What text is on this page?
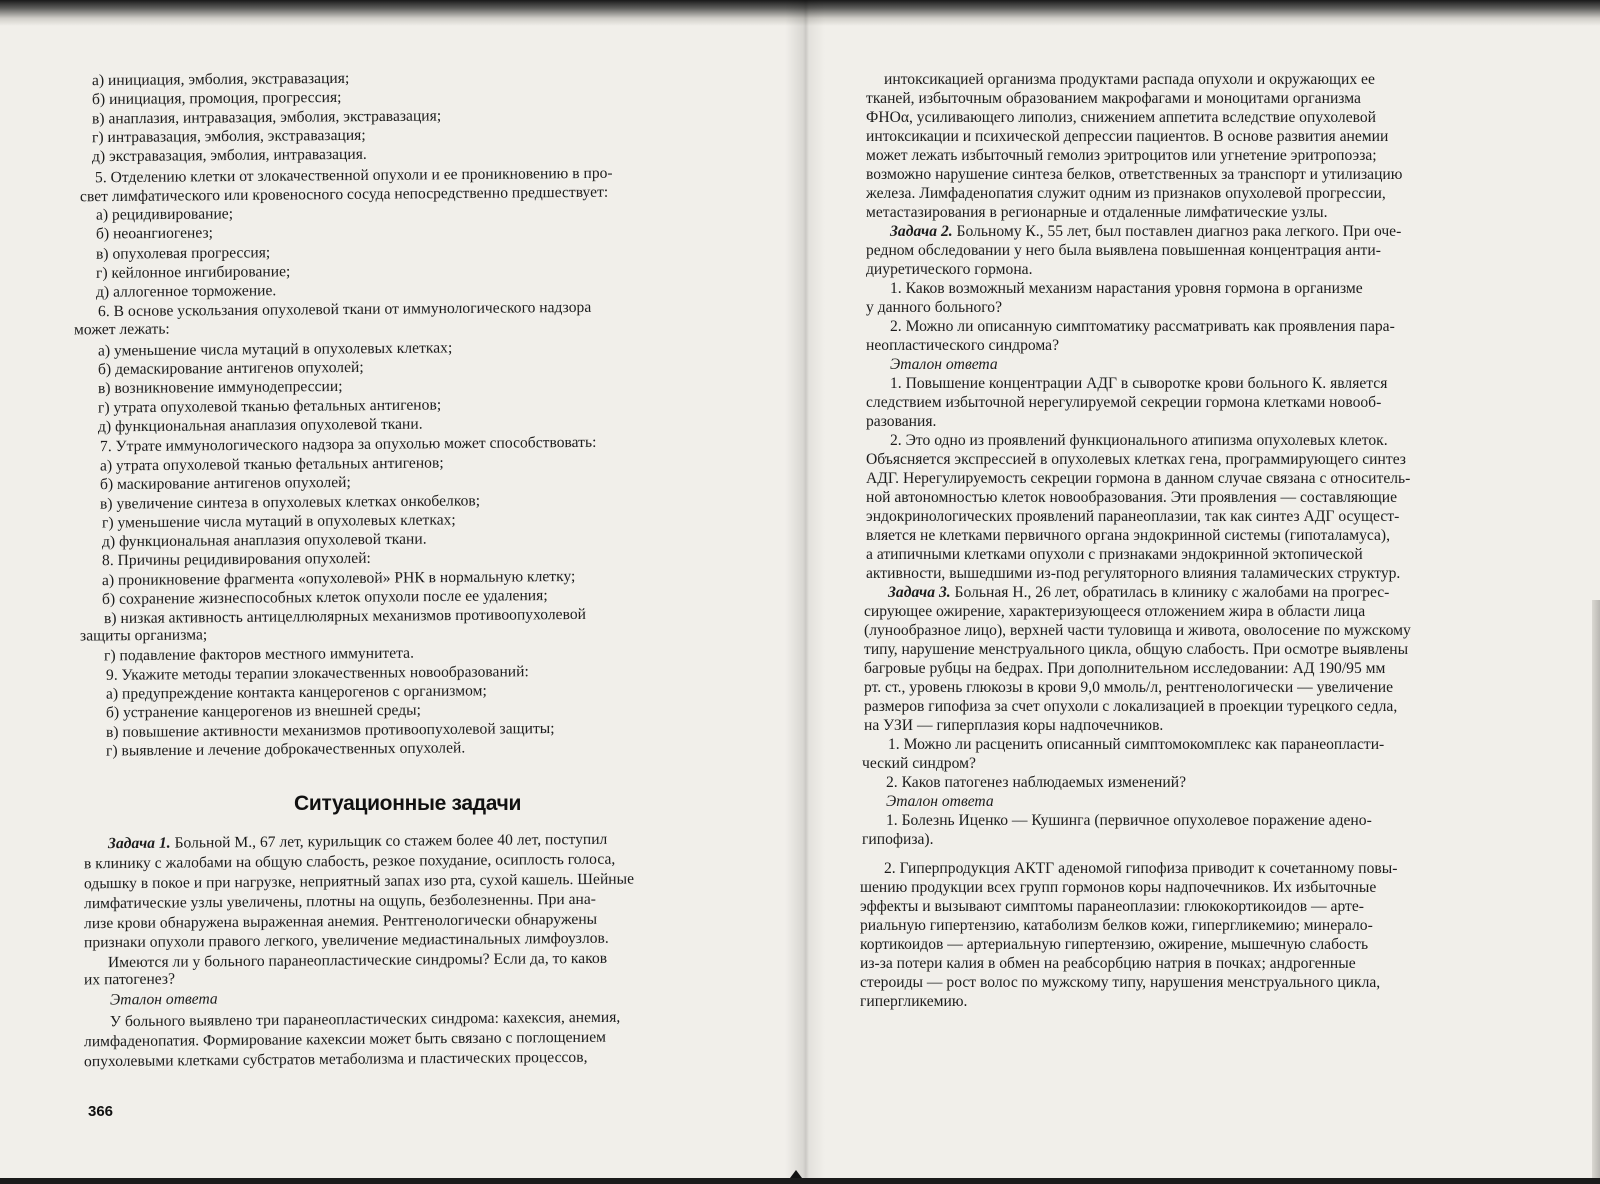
а) инициация, эмболия, экстравазация;
б) инициация, промоция, прогрессия;
в) анаплазия, интравазация, эмболия, экстравазация;
г) интравазация, эмболия, экстравазация;
д) экстравазация, эмболия, интравазация.
5. Отделению клетки от злокачественной опухоли и ее проникновению в про-
свет лимфатического или кровеносного сосуда непосредственно предшествует:
а) рецидивирование;
б) неоангиогенез;
в) опухолевая прогрессия;
г) кейлонное ингибирование;
д) аллогенное торможение.
6. В основе ускользания опухолевой ткани от иммунологического надзора
может лежать:
а) уменьшение числа мутаций в опухолевых клетках;
б) демаскирование антигенов опухолей;
в) возникновение иммунодепрессии;
г) утрата опухолевой тканью фетальных антигенов;
д) функциональная анаплазия опухолевой ткани.
7. Утрате иммунологического надзора за опухолью может способствовать:
а) утрата опухолевой тканью фетальных антигенов;
б) маскирование антигенов опухолей;
в) увеличение синтеза в опухолевых клетках онкобелков;
г) уменьшение числа мутаций в опухолевых клетках;
д) функциональная анаплазия опухолевой ткани.
8. Причины рецидивирования опухолей:
а) проникновение фрагмента «опухолевой» РНК в нормальную клетку;
б) сохранение жизнеспособных клеток опухоли после ее удаления;
в) низкая активность антицеллюлярных механизмов противоопухолевой
защиты организма;
г) подавление факторов местного иммунитета.
9. Укажите методы терапии злокачественных новообразований:
а) предупреждение контакта канцерогенов с организмом;
б) устранение канцерогенов из внешней среды;
в) повышение активности механизмов противоопухолевой защиты;
г) выявление и лечение доброкачественных опухолей.
Ситуационные задачи
Задача 1. Больной М., 67 лет, курильщик со стажем более 40 лет, поступил
в клинику с жалобами на общую слабость, резкое похудание, осиплость голоса,
одышку в покое и при нагрузке, неприятный запах изо рта, сухой кашель. Шейные
лимфатические узлы увеличены, плотны на ощупь, безболезненны. При ана-
лизе крови обнаружена выраженная анемия. Рентгенологически обнаружены
признаки опухоли правого легкого, увеличение медиастинальных лимфоузлов.
Имеются ли у больного паранеопластические синдромы? Если да, то каков
их патогенез?
Эталон ответа
У больного выявлено три паранеопластических синдрома: кахексия, анемия,
лимфаденопатия. Формирование кахексии может быть связано с поглощением
опухолевыми клетками субстратов метаболизма и пластических процессов,
366
интоксикацией организма продуктами распада опухоли и окружающих ее
тканей, избыточным образованием макрофагами и моноцитами организма
ФНОα, усиливающего липолиз, снижением аппетита вследствие опухолевой
интоксикации и психической депрессии пациентов. В основе развития анемии
может лежать избыточный гемолиз эритроцитов или угнетение эритропоэза;
возможно нарушение синтеза белков, ответственных за транспорт и утилизацию
железа. Лимфаденопатия служит одним из признаков опухолевой прогрессии,
метастазирования в регионарные и отдаленные лимфатические узлы.
Задача 2. Больному К., 55 лет, был поставлен диагноз рака легкого. При оче-
редном обследовании у него была выявлена повышенная концентрация анти-
диуретического гормона.
1. Каков возможный механизм нарастания уровня гормона в организме
у данного больного?
2. Можно ли описанную симптоматику рассматривать как проявления пара-
неопластического синдрома?
Эталон ответа
1. Повышение концентрации АДГ в сыворотке крови больного К. является
следствием избыточной нерегулируемой секреции гормона клетками новооб-
разования.
2. Это одно из проявлений функционального атипизма опухолевых клеток.
Объясняется экспрессией в опухолевых клетках гена, программирующего синтез
АДГ. Нерегулируемость секреции гормона в данном случае связана с относитель-
ной автономностью клеток новообразования. Эти проявления — составляющие
эндокринологических проявлений паранеоплазии, так как синтез АДГ осущест-
вляется не клетками первичного органа эндокринной системы (гипоталамуса),
а атипичными клетками опухоли с признаками эндокринной эктопической
активности, вышедшими из-под регуляторного влияния таламических структур.
Задача 3. Больная Н., 26 лет, обратилась в клинику с жалобами на прогрес-
сирующее ожирение, характеризующееся отложением жира в области лица
(лунообразное лицо), верхней части туловища и живота, оволосение по мужскому
типу, нарушение менструального цикла, общую слабость. При осмотре выявлены
багровые рубцы на бедрах. При дополнительном исследовании: АД 190/95 мм
рт. ст., уровень глюкозы в крови 9,0 ммоль/л, рентгенологически — увеличение
размеров гипофиза за счет опухоли с локализацией в проекции турецкого седла,
на УЗИ — гиперплазия коры надпочечников.
1. Можно ли расценить описанный симптомокомплекс как паранеопласти-
ческий синдром?
2. Каков патогенез наблюдаемых изменений?
Эталон ответа
1. Болезнь Иценко — Кушинга (первичное опухолевое поражение адено-
гипофиза).
2. Гиперпродукция АКТГ аденомой гипофиза приводит к сочетанному повы-
шению продукции всех групп гормонов коры надпочечников. Их избыточные
эффекты и вызывают симптомы паранеоплазии: глюкокортикоидов — арте-
риальную гипертензию, катаболизм белков кожи, гипергликемию; минерало-
кортикоидов — артериальную гипертензию, ожирение, мышечную слабость
из-за потери калия в обмен на реабсорбцию натрия в почках; андрогенные
стероиды — рост волос по мужскому типу, нарушения менструального цикла,
гипергликемию.
